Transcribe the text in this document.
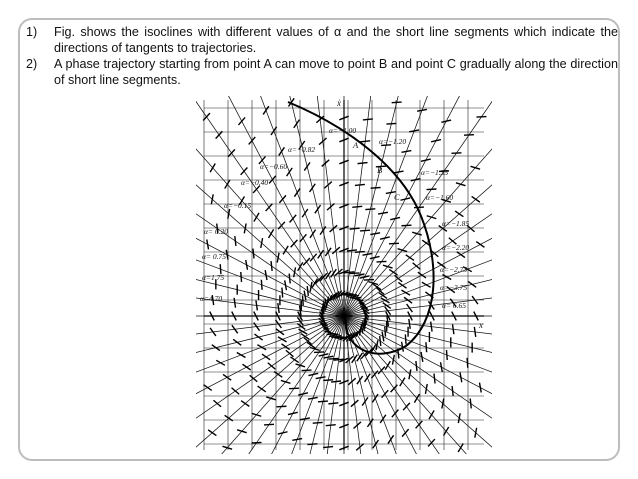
1)	Fig. shows the isoclines with different values of α and the short line segments which indicate the directions of tangents to trajectories.
2)	A phase trajectory starting from point A can move to point B and point C gradually along the direction of short line segments.
ẋ
x
A
B
C
α=−1.00
α=−0.82
α=−1.20
α=−0.60
α=−0.40
α=−0.15
α= 0.20
α= 0.75
α=1.75
α=4.70
α=−1.35
α=−1.60
α=−1.85
α=−2.20
α=−2.73
α=−3.75
α= 6.65
